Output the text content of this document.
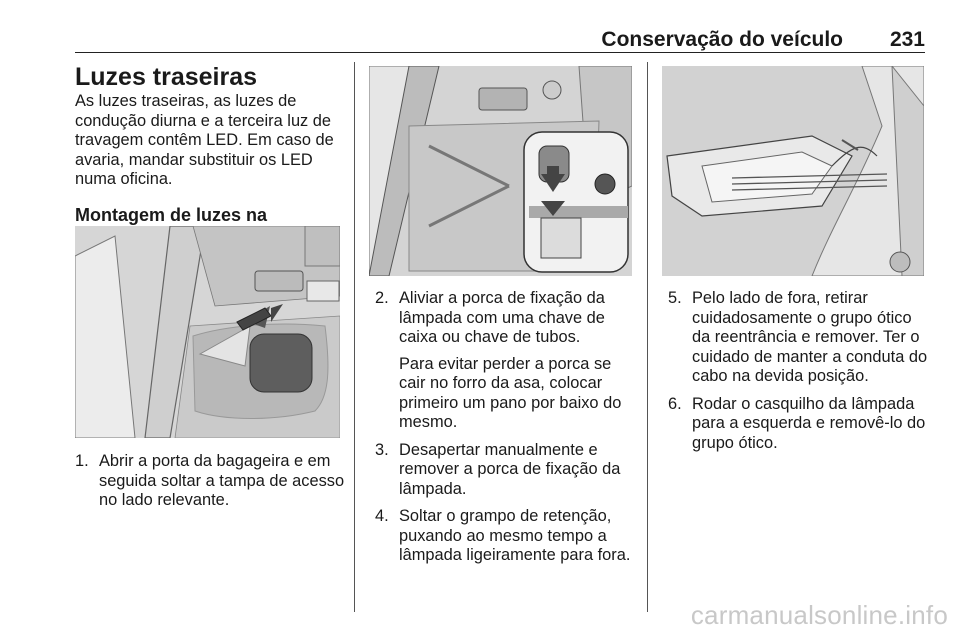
Conservação do veículo 231
Luzes traseiras

As luzes traseiras, as luzes de condução diurna e a terceira luz de travagem contêm LED. Em caso de avaria, mandar substituir os LED numa oficina.

Montagem de luzes na
1. Abrir a porta da bagageira e em seguida soltar a tampa de acesso no lado relevante.
2. Aliviar a porca de fixação da lâmpada com uma chave de caixa ou chave de tubos.
Para evitar perder a porca se cair no forro da asa, colocar primeiro um pano por baixo do mesmo.
3. Desapertar manualmente e remover a porca de fixação da lâmpada.
4. Soltar o grampo de retenção, puxando ao mesmo tempo a lâmpada ligeiramente para fora.
5. Pelo lado de fora, retirar cuidadosamente o grupo ótico da reentrância e remover. Ter o cuidado de manter a conduta do cabo na devida posição.
6. Rodar o casquilho da lâmpada para a esquerda e removê-lo do grupo ótico.
carmanualsonline.info
